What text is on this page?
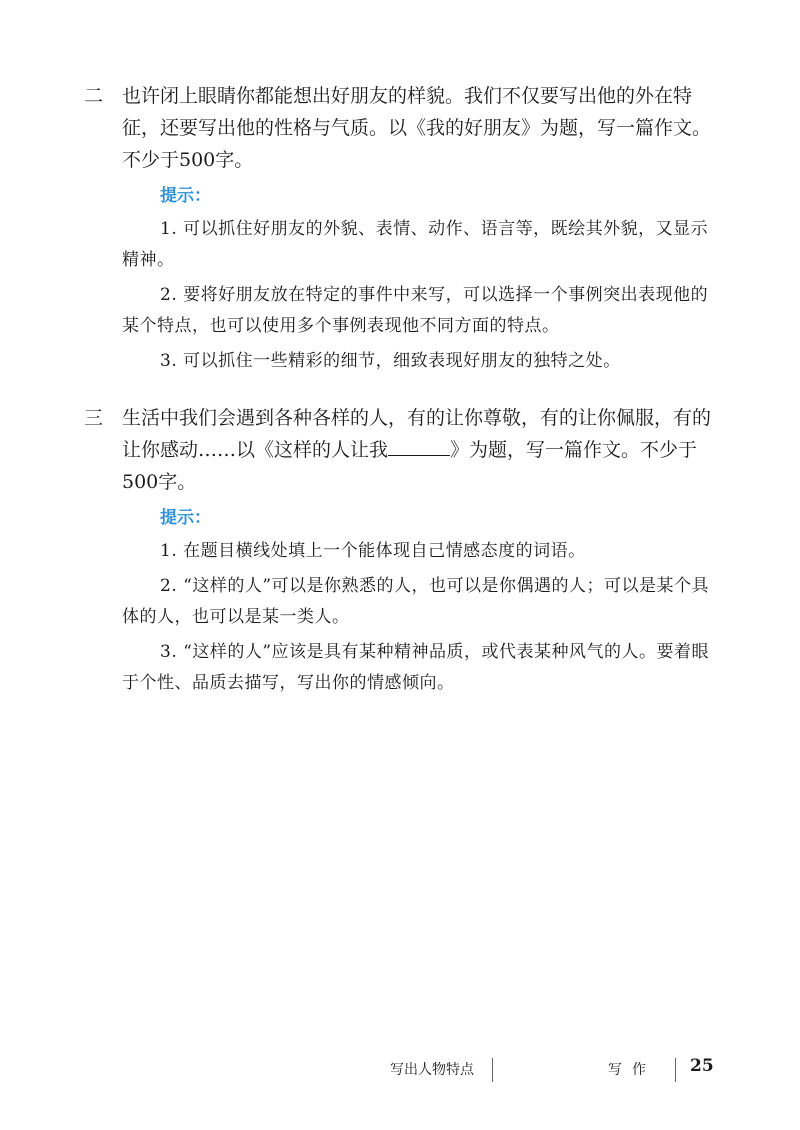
二 也许闭上眼睛你都能想出好朋友的样貌。我们不仅要写出他的外在特征，还要写出他的性格与气质。以《我的好朋友》为题，写一篇作文。不少于500字。

提示：

1. 可以抓住好朋友的外貌、表情、动作、语言等，既绘其外貌，又显示精神。

2. 要将好朋友放在特定的事件中来写，可以选择一个事例突出表现他的某个特点，也可以使用多个事例表现他不同方面的特点。

3. 可以抓住一些精彩的细节，细致表现好朋友的独特之处。

三 生活中我们会遇到各种各样的人，有的让你尊敬，有的让你佩服，有的让你感动……以《这样的人让我	》为题，写一篇作文。不少于500字。

提示：

1. 在题目横线处填上一个能体现自己情感态度的词语。

2. “这样的人”可以是你熟悉的人，也可以是你偶遇的人；可以是某个具体的人，也可以是某一类人。

3. “这样的人”应该是具有某种精神品质，或代表某种风气的人。要着眼于个性、品质去描写，写出你的情感倾向。

写出人物特点	写作 25
